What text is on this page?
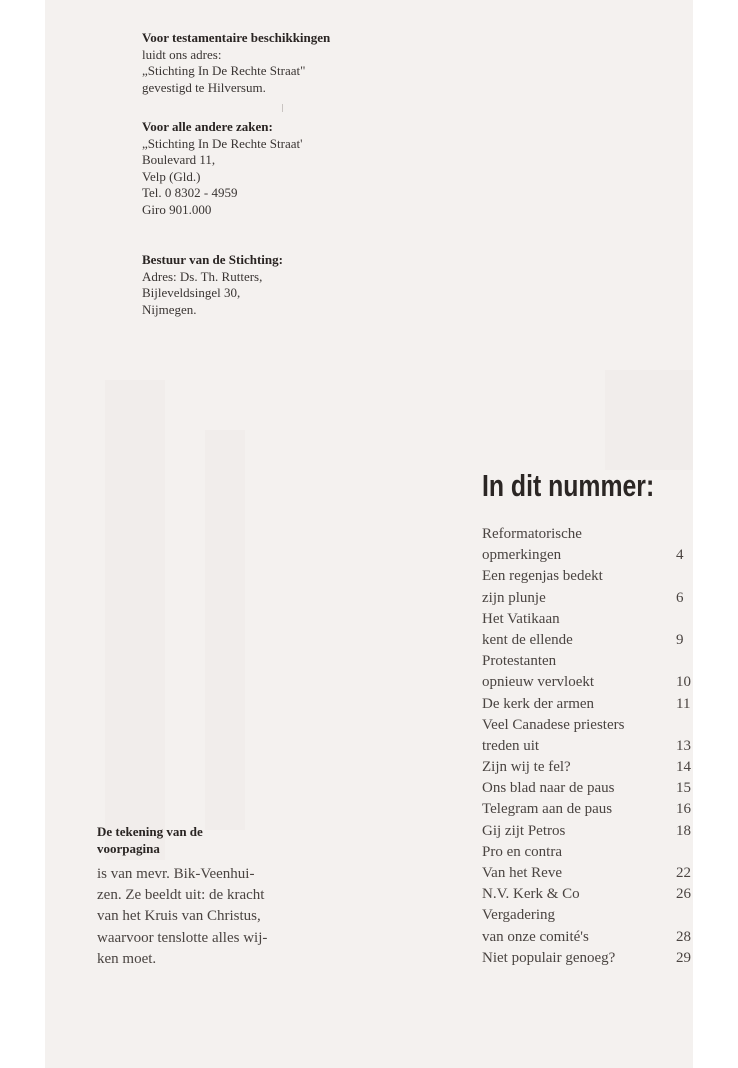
Voor testamentaire beschikkingen
luidt ons adres:
„Stichting In De Rechte Straat"
gevestigd te Hilversum.
Voor alle andere zaken:
„Stichting In De Rechte Straat'
Boulevard 11,
Velp (Gld.)
Tel. 0 8302 - 4959
Giro 901.000
Bestuur van de Stichting:
Adres: Ds. Th. Rutters,
Bijleveldsingel 30,
Nijmegen.
In dit nummer:
Reformatorische
opmerkingen	4
Een regenjas bedekt
zijn plunje	6
Het Vatikaan
kent de ellende	9
Protestanten
opnieuw vervloekt	10
De kerk der armen	11
Veel Canadese priesters
treden uit	13
Zijn wij te fel?	14
Ons blad naar de paus	15
Telegram aan de paus	16
Gij zijt Petros	18
Pro en contra
Van het Reve	22
N.V. Kerk & Co	26
Vergadering
van onze comité's	28
Niet populair genoeg?	29
De tekening van de
voorpagina
is van mevr. Bik-Veenhui-
zen. Ze beeldt uit: de kracht
van het Kruis van Christus,
waarvoor tenslotte alles wij-
ken moet.
